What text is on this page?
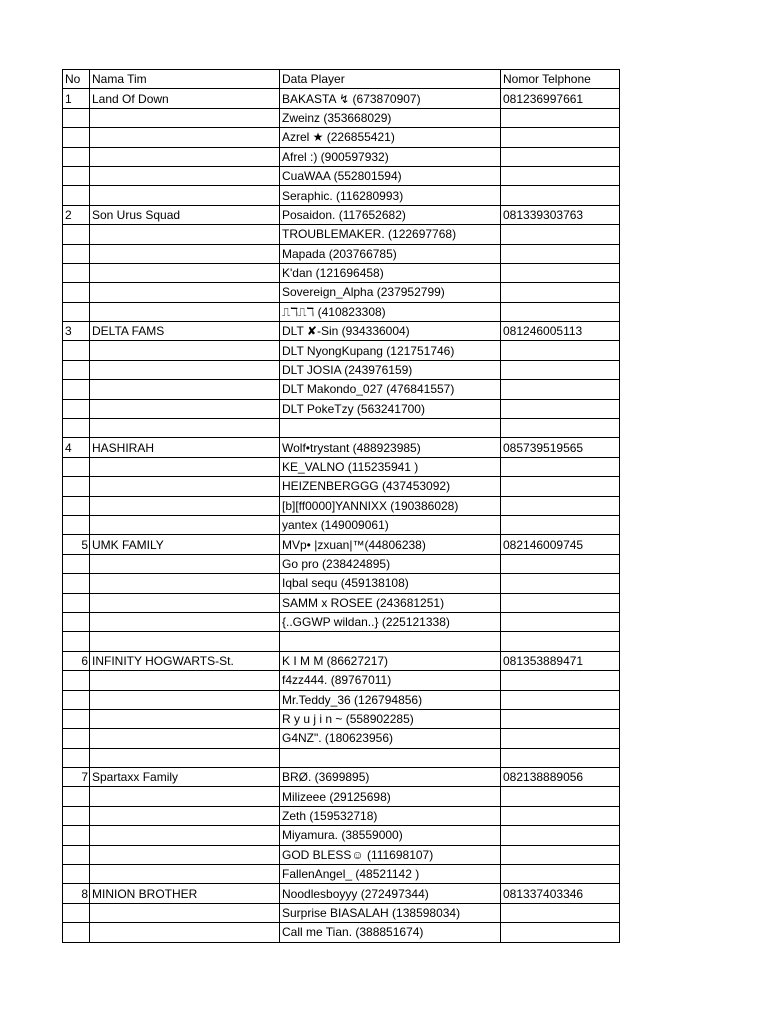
No	Nama Tim	Data Player	Nomor Telphone
1	Land Of Down	BAKASTA ↯ (673870907)	081236997661
		Zweinz (353668029)	
		Azrel ★ (226855421)	
		Afrel :) (900597932)	
		CuaWAA (552801594)	
		Seraphic. (116280993)	
2	Son Urus Squad	Posaidon. (117652682)	081339303763
		TROUBLEMAKER. (122697768)	
		Mapada (203766785)	
		K'dan (121696458)	
		Sovereign_Alpha (237952799)	
		⎍ℸ⎍ℸ (410823308)	
3	DELTA FAMS	DLT ✘-Sin (934336004)	081246005113
		DLT NyongKupang (121751746)	
		DLT JOSIA (243976159)	
		DLT Makondo_027 (476841557)	
		DLT PokeTzy (563241700)	

4	HASHIRAH	Wolf•trystant (488923985)	085739519565
		KE_VALNO (115235941 )	
		HEIZENBERGGG (437453092)	
		[b][ff0000]YANNIXX (190386028)	
		yantex (149009061)	
5	UMK FAMILY	MVp• |zxuan|™(44806238)	082146009745
		Go pro (238424895)	
		Iqbal sequ (459138108)	
		SAMM x ROSEE (243681251)	
		{..GGWP wildan..} (225121338)	

6	INFINITY HOGWARTS-St.	K I M M (86627217)	081353889471
		f4zz444. (89767011)	
		Mr.Teddy_36 (126794856)	
		R y u j i n ~ (558902285)	
		G4NZ". (180623956)	

7	Spartaxx Family	BRØ. (3699895)	082138889056
		Milizeee (29125698)	
		Zeth (159532718)	
		Miyamura. (38559000)	
		GOD BLESS☺ (111698107)	
		FallenAngel_ (48521142 )	
8	MINION BROTHER	Noodlesboyyy (272497344)	081337403346
		Surprise BIASALAH (138598034)	
		Call me Tian. (388851674)	
